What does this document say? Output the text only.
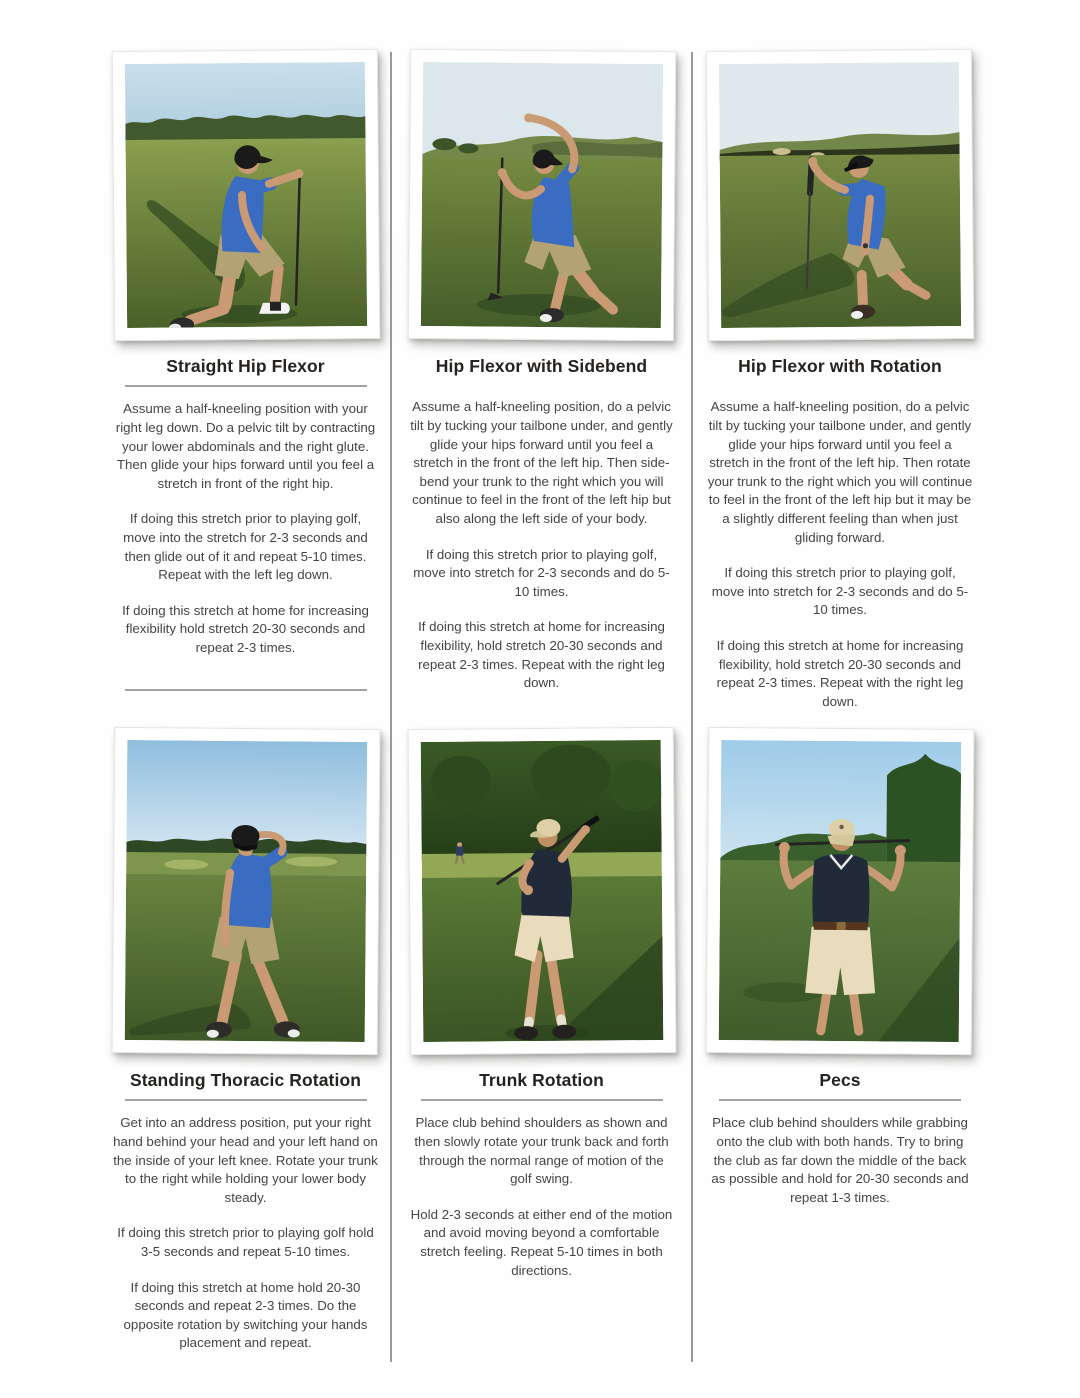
Straight Hip Flexor

Assume a half-kneeling position with your right leg down. Do a pelvic tilt by contracting your lower abdominals and the right glute. Then glide your hips forward until you feel a stretch in front of the right hip.

If doing this stretch prior to playing golf, move into the stretch for 2-3 seconds and then glide out of it and repeat 5-10 times. Repeat with the left leg down.

If doing this stretch at home for increasing flexibility hold stretch 20-30 seconds and repeat 2-3 times.

Hip Flexor with Sidebend

Assume a half-kneeling position, do a pelvic tilt by tucking your tailbone under, and gently glide your hips forward until you feel a stretch in the front of the left hip. Then side-bend your trunk to the right which you will continue to feel in the front of the left hip but also along the left side of your body.

If doing this stretch prior to playing golf, move into stretch for 2-3 seconds and do 5-10 times.

If doing this stretch at home for increasing flexibility, hold stretch 20-30 seconds and repeat 2-3 times. Repeat with the right leg down.

Hip Flexor with Rotation

Assume a half-kneeling position, do a pelvic tilt by tucking your tailbone under, and gently glide your hips forward until you feel a stretch in the front of the left hip. Then rotate your trunk to the right which you will continue to feel in the front of the left hip but it may be a slightly different feeling than when just gliding forward.

If doing this stretch prior to playing golf, move into stretch for 2-3 seconds and do 5-10 times.

If doing this stretch at home for increasing flexibility, hold stretch 20-30 seconds and repeat 2-3 times. Repeat with the right leg down.

Standing Thoracic Rotation

Get into an address position, put your right hand behind your head and your left hand on the inside of your left knee. Rotate your trunk to the right while holding your lower body steady.

If doing this stretch prior to playing golf hold 3-5 seconds and repeat 5-10 times.

If doing this stretch at home hold 20-30 seconds and repeat 2-3 times. Do the opposite rotation by switching your hands placement and repeat.

Trunk Rotation

Place club behind shoulders as shown and then slowly rotate your trunk back and forth through the normal range of motion of the golf swing.

Hold 2-3 seconds at either end of the motion and avoid moving beyond a comfortable stretch feeling. Repeat 5-10 times in both directions.

Pecs

Place club behind shoulders while grabbing onto the club with both hands. Try to bring the club as far down the middle of the back as possible and hold for 20-30 seconds and repeat 1-3 times.
